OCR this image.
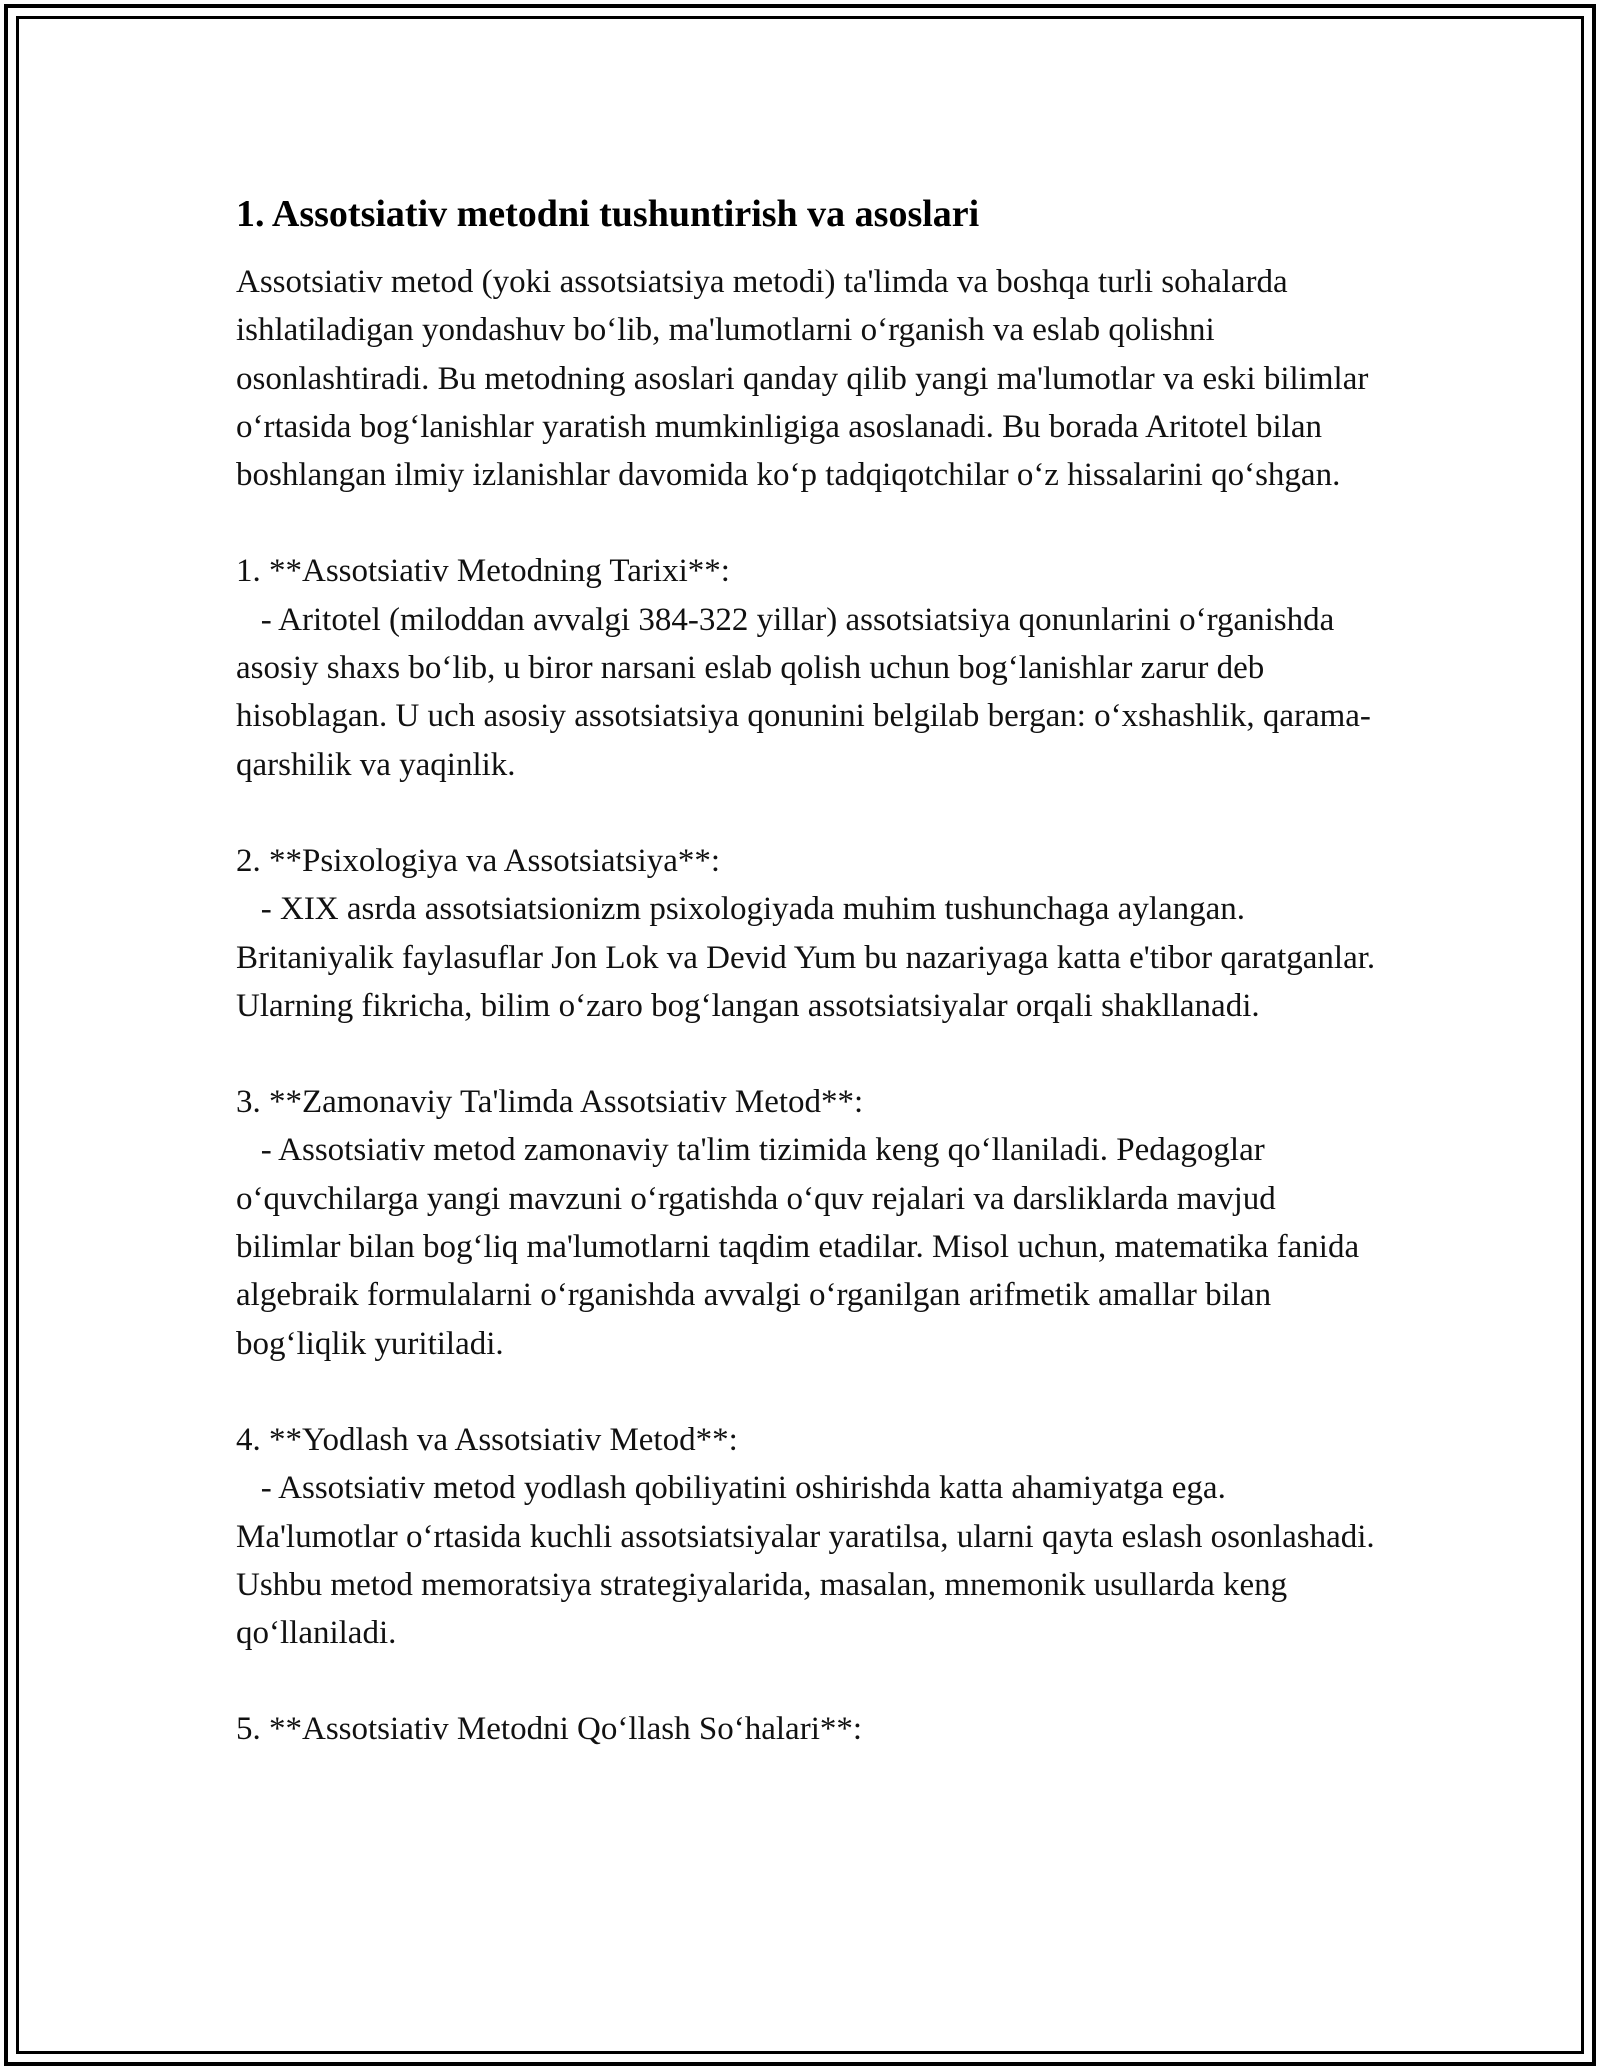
1. Assotsiativ metodni tushuntirish va asoslari

Assotsiativ metod (yoki assotsiatsiya metodi) ta'limda va boshqa turli sohalarda ishlatiladigan yondashuv bo‘lib, ma'lumotlarni o‘rganish va eslab qolishni osonlashtiradi. Bu metodning asoslari qanday qilib yangi ma'lumotlar va eski bilimlar o‘rtasida bog‘lanishlar yaratish mumkinligiga asoslanadi. Bu borada Aritotel bilan boshlangan ilmiy izlanishlar davomida ko‘p tadqiqotchilar o‘z hissalarini qo‘shgan.

1. **Assotsiativ Metodning Tarixi**:

- Aritotel (miloddan avvalgi 384-322 yillar) assotsiatsiya qonunlarini o‘rganishda asosiy shaxs bo‘lib, u biror narsani eslab qolish uchun bog‘lanishlar zarur deb hisoblagan. U uch asosiy assotsiatsiya qonunini belgilab bergan: o‘xshashlik, qarama-qarshilik va yaqinlik.

2. **Psixologiya va Assotsiatsiya**:

- XIX asrda assotsiatsionizm psixologiyada muhim tushunchaga aylangan. Britaniyalik faylasuflar Jon Lok va Devid Yum bu nazariyaga katta e'tibor qaratganlar. Ularning fikricha, bilim o‘zaro bog‘langan assotsiatsiyalar orqali shakllanadi.

3. **Zamonaviy Ta'limda Assotsiativ Metod**:

- Assotsiativ metod zamonaviy ta'lim tizimida keng qo‘llaniladi. Pedagoglar o‘quvchilarga yangi mavzuni o‘rgatishda o‘quv rejalari va darsliklarda mavjud bilimlar bilan bog‘liq ma'lumotlarni taqdim etadilar. Misol uchun, matematika fanida algebraik formulalarni o‘rganishda avvalgi o‘rganilgan arifmetik amallar bilan bog‘liqlik yuritiladi.

4. **Yodlash va Assotsiativ Metod**:

- Assotsiativ metod yodlash qobiliyatini oshirishda katta ahamiyatga ega. Ma'lumotlar o‘rtasida kuchli assotsiatsiyalar yaratilsa, ularni qayta eslash osonlashadi. Ushbu metod memoratsiya strategiyalarida, masalan, mnemonik usullarda keng qo‘llaniladi.

5. **Assotsiativ Metodni Qo‘llash So‘halari**:
